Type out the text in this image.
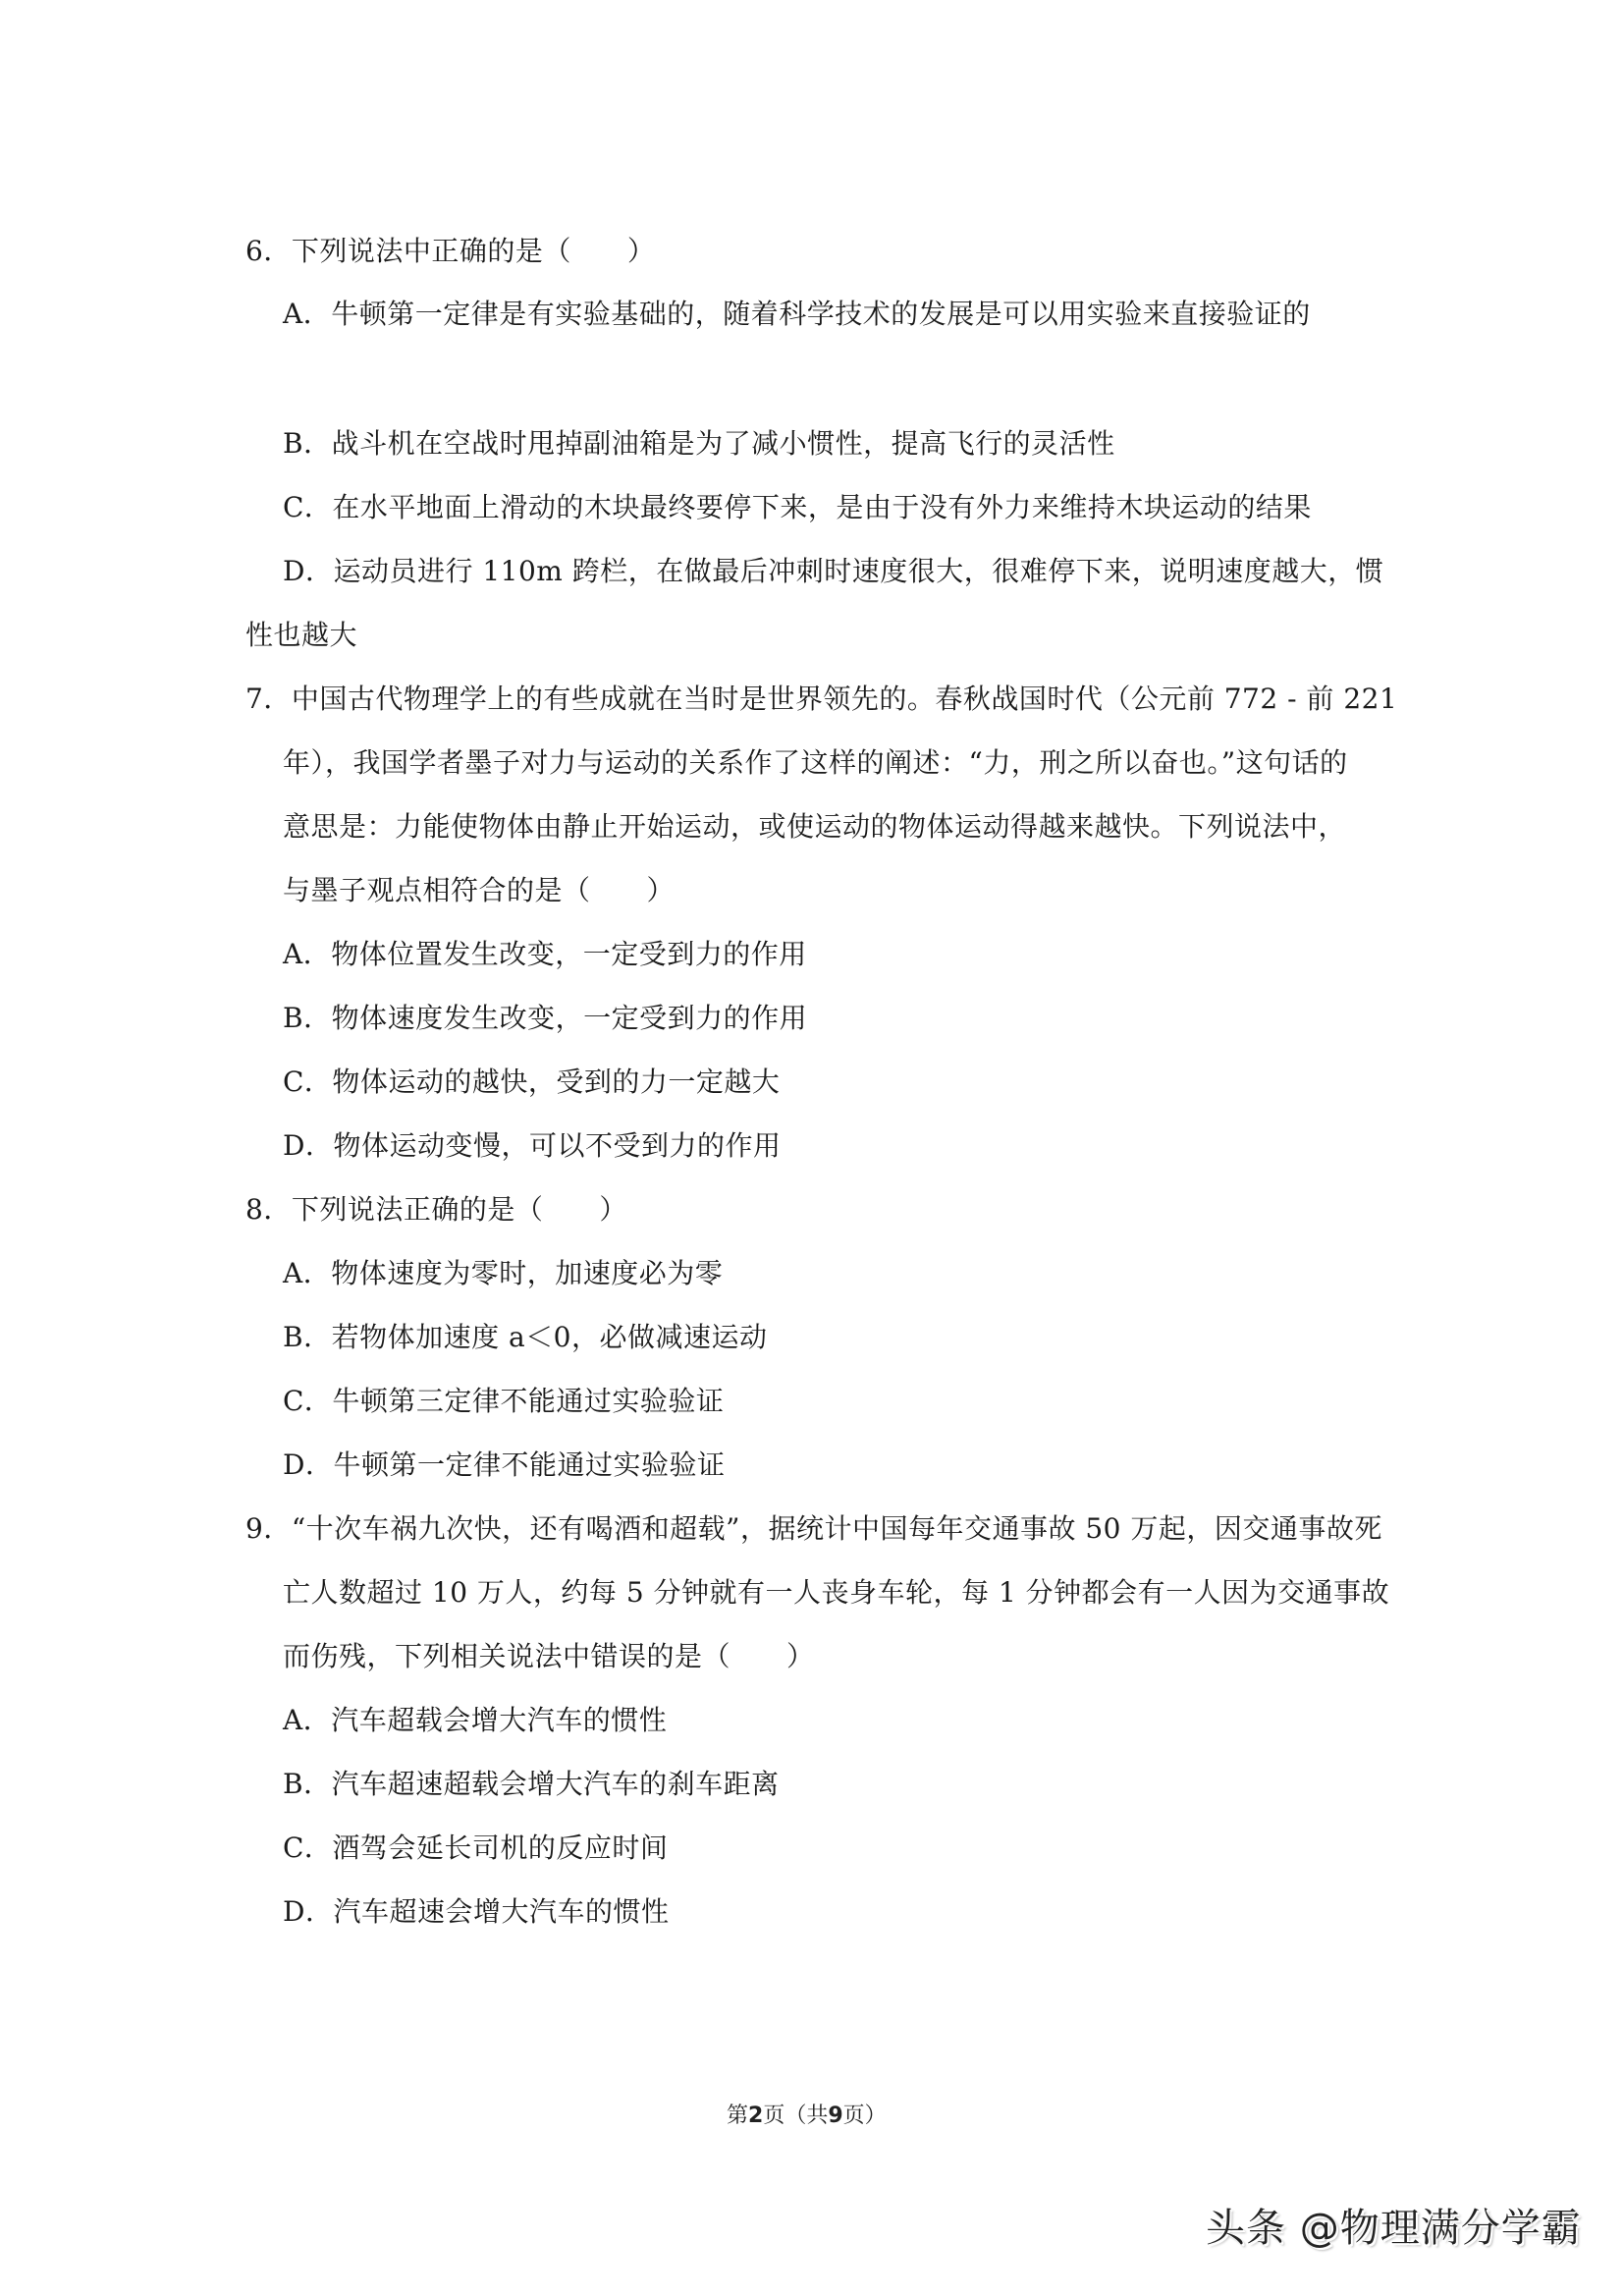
6．下列说法中正确的是（　　）
A．牛顿第一定律是有实验基础的，随着科学技术的发展是可以用实验来直接验证的
B．战斗机在空战时甩掉副油箱是为了减小惯性，提高飞行的灵活性
C．在水平地面上滑动的木块最终要停下来，是由于没有外力来维持木块运动的结果
D．运动员进行 110m 跨栏，在做最后冲刺时速度很大，很难停下来，说明速度越大，惯
性也越大
7．中国古代物理学上的有些成就在当时是世界领先的。春秋战国时代（公元前 772 - 前 221
年），我国学者墨子对力与运动的关系作了这样的阐述：“力，刑之所以奋也。”这句话的
意思是：力能使物体由静止开始运动，或使运动的物体运动得越来越快。下列说法中，
与墨子观点相符合的是（　　）
A．物体位置发生改变，一定受到力的作用
B．物体速度发生改变，一定受到力的作用
C．物体运动的越快，受到的力一定越大
D．物体运动变慢，可以不受到力的作用
8．下列说法正确的是（　　）
A．物体速度为零时，加速度必为零
B．若物体加速度 a＜0，必做减速运动
C．牛顿第三定律不能通过实验验证
D．牛顿第一定律不能通过实验验证
9．“十次车祸九次快，还有喝酒和超载”，据统计中国每年交通事故 50 万起，因交通事故死
亡人数超过 10 万人，约每 5 分钟就有一人丧身车轮，每 1 分钟都会有一人因为交通事故
而伤残，下列相关说法中错误的是（　　）
A．汽车超载会增大汽车的惯性
B．汽车超速超载会增大汽车的刹车距离
C．酒驾会延长司机的反应时间
D．汽车超速会增大汽车的惯性
第2页（共9页）
头条 @物理满分学霸
